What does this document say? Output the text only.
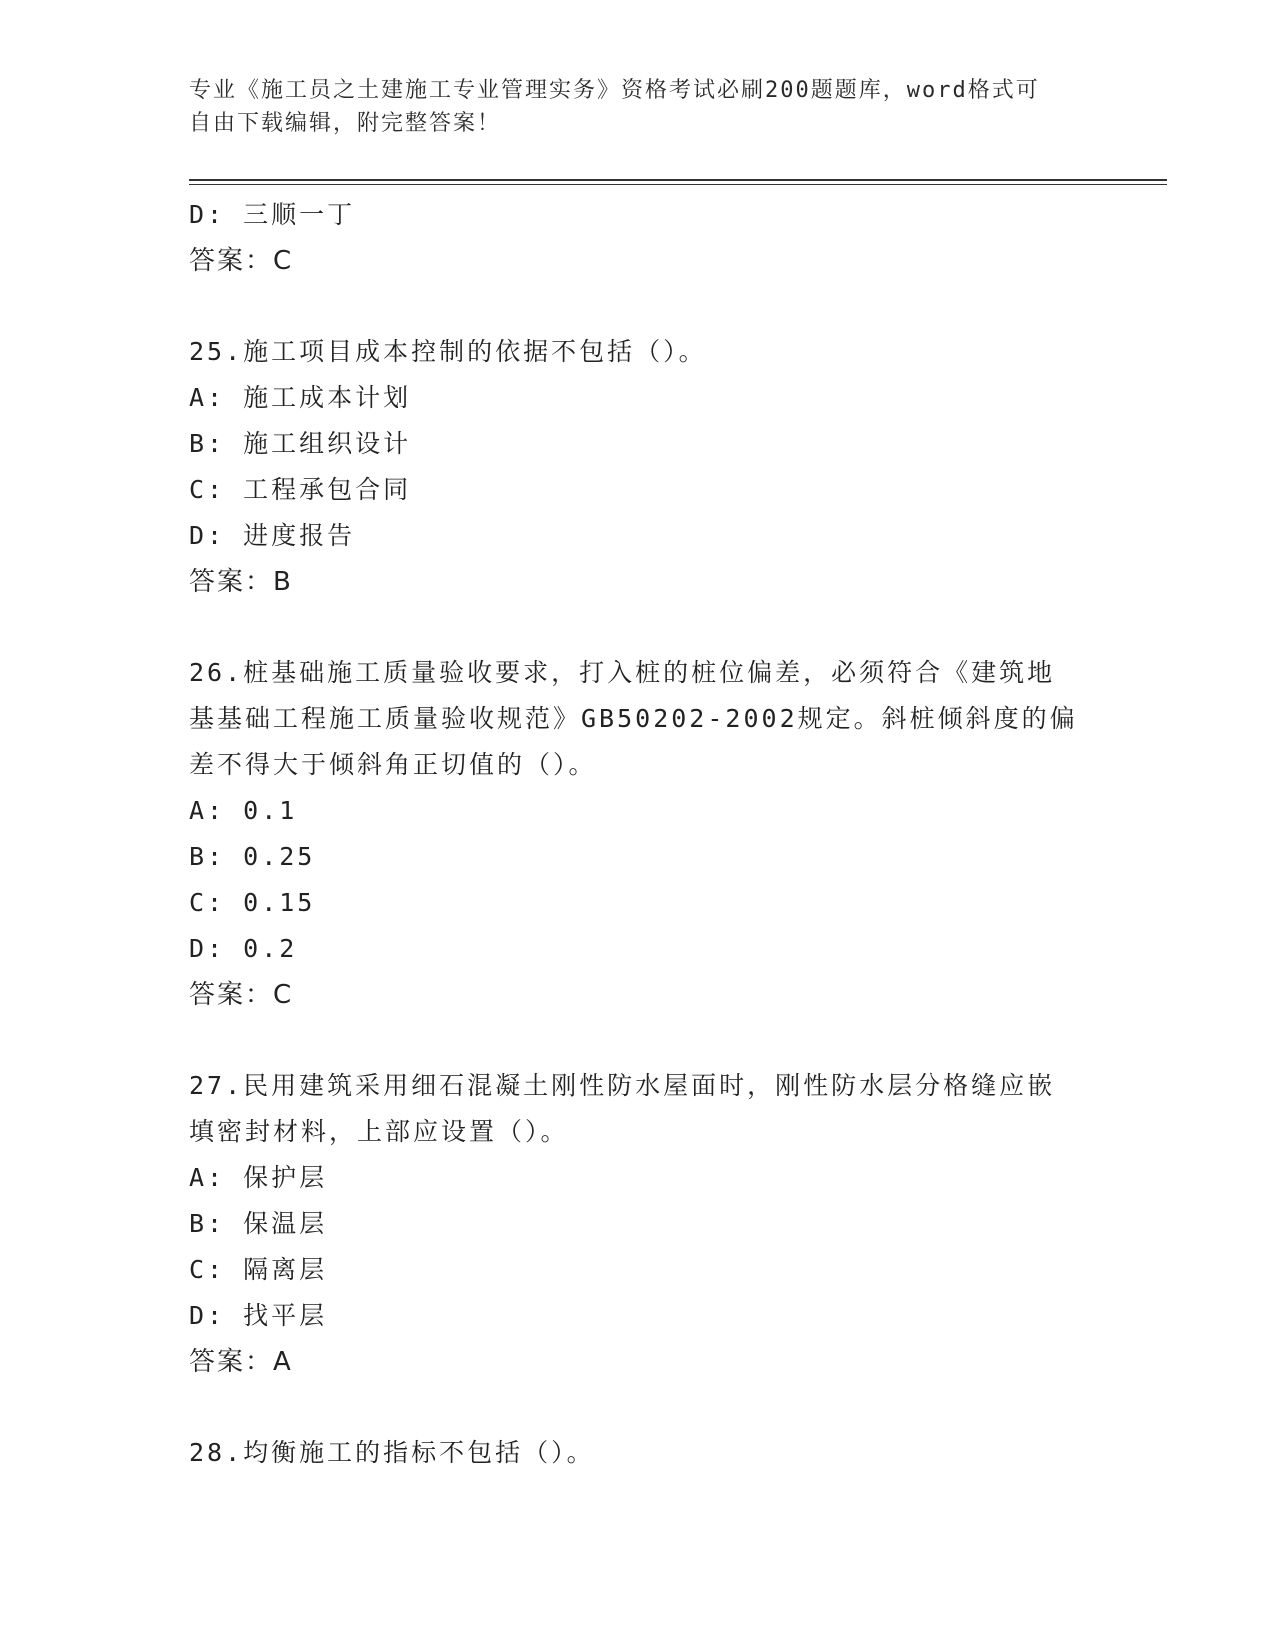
专业《施工员之土建施工专业管理实务》资格考试必刷200题题库，word格式可
自由下载编辑，附完整答案！
D: 三顺一丁
答案：C
25.施工项目成本控制的依据不包括（）。
A: 施工成本计划
B: 施工组织设计
C: 工程承包合同
D: 进度报告
答案：B
26.桩基础施工质量验收要求，打入桩的桩位偏差，必须符合《建筑地
基基础工程施工质量验收规范》GB50202-2002规定。斜桩倾斜度的偏
差不得大于倾斜角正切值的（）。
A: 0.1
B: 0.25
C: 0.15
D: 0.2
答案：C
27.民用建筑采用细石混凝土刚性防水屋面时，刚性防水层分格缝应嵌
填密封材料，上部应设置（）。
A: 保护层
B: 保温层
C: 隔离层
D: 找平层
答案：A
28.均衡施工的指标不包括（）。
